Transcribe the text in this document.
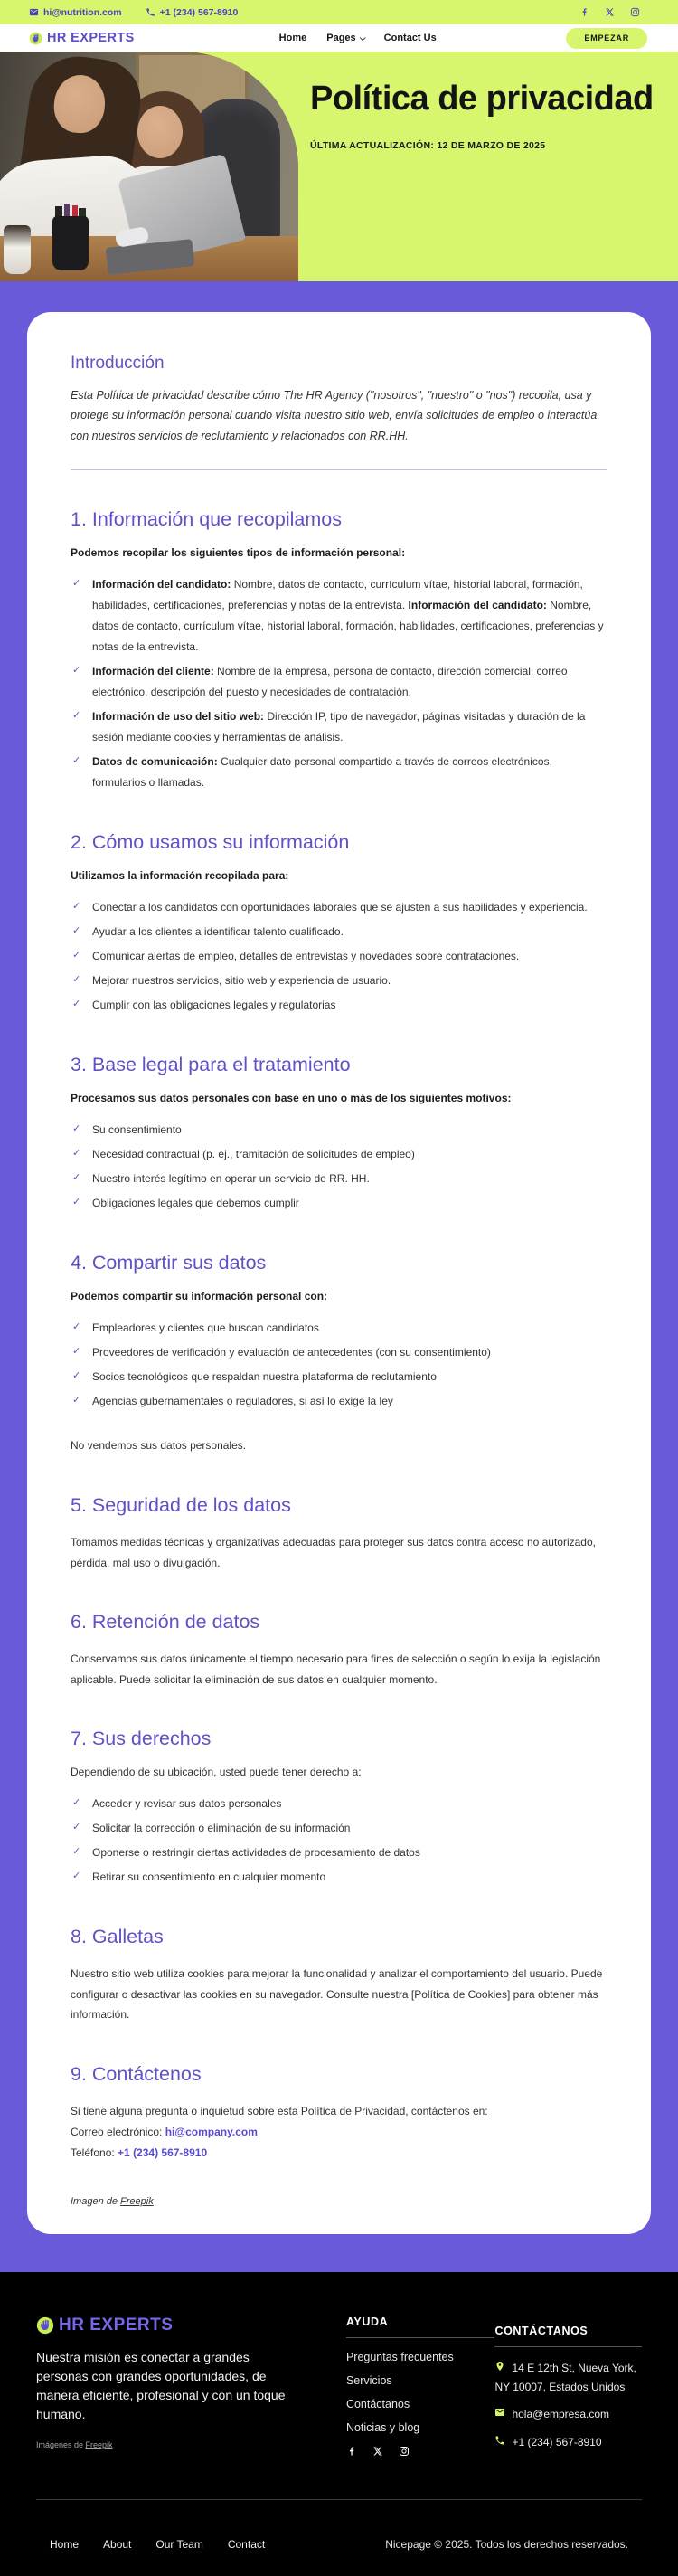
hi@nutrition.com	+1 (234) 567-8910
HR EXPERTS	Home Pages	Contact Us	EMPEZAR
Política de privacidad
ÚLTIMA ACTUALIZACIÓN: 12 DE MARZO DE 2025
Introducción

Esta Política de privacidad describe cómo The HR Agency ("nosotros", "nuestro" o "nos") recopila, usa y protege su información personal cuando visita nuestro sitio web, envía solicitudes de empleo o interactúa con nuestros servicios de reclutamiento y relacionados con RR.HH.

1. Información que recopilamos

Podemos recopilar los siguientes tipos de información personal:

✓ Información del candidato: Nombre, datos de contacto, currículum vítae, historial laboral, formación, habilidades, certificaciones, preferencias y notas de la entrevista. Información del candidato: Nombre, datos de contacto, currículum vítae, historial laboral, formación, habilidades, certificaciones, preferencias y notas de la entrevista.
✓ Información del cliente: Nombre de la empresa, persona de contacto, dirección comercial, correo electrónico, descripción del puesto y necesidades de contratación.
✓ Información de uso del sitio web: Dirección IP, tipo de navegador, páginas visitadas y duración de la sesión mediante cookies y herramientas de análisis.
✓ Datos de comunicación: Cualquier dato personal compartido a través de correos electrónicos, formularios o llamadas.
2. Cómo usamos su información

Utilizamos la información recopilada para:

✓ Conectar a los candidatos con oportunidades laborales que se ajusten a sus habilidades y experiencia.
✓ Ayudar a los clientes a identificar talento cualificado.
✓ Comunicar alertas de empleo, detalles de entrevistas y novedades sobre contrataciones.
✓ Mejorar nuestros servicios, sitio web y experiencia de usuario.
✓ Cumplir con las obligaciones legales y regulatorias
3. Base legal para el tratamiento

Procesamos sus datos personales con base en uno o más de los siguientes motivos:

✓ Su consentimiento
✓ Necesidad contractual (p. ej., tramitación de solicitudes de empleo)
✓ Nuestro interés legítimo en operar un servicio de RR. HH.
✓ Obligaciones legales que debemos cumplir
4. Compartir sus datos

Podemos compartir su información personal con:

✓ Empleadores y clientes que buscan candidatos
✓ Proveedores de verificación y evaluación de antecedentes (con su consentimiento)
✓ Socios tecnológicos que respaldan nuestra plataforma de reclutamiento
✓ Agencias gubernamentales o reguladores, si así lo exige la ley

No vendemos sus datos personales.

5. Seguridad de los datos

Tomamos medidas técnicas y organizativas adecuadas para proteger sus datos contra acceso no autorizado, pérdida, mal uso o divulgación.

6. Retención de datos

Conservamos sus datos únicamente el tiempo necesario para fines de selección o según lo exija la legislación aplicable. Puede solicitar la eliminación de sus datos en cualquier momento.

7. Sus derechos

Dependiendo de su ubicación, usted puede tener derecho a:

✓ Acceder y revisar sus datos personales
✓ Solicitar la corrección o eliminación de su información
✓ Oponerse o restringir ciertas actividades de procesamiento de datos
✓ Retirar su consentimiento en cualquier momento
8. Galletas

Nuestro sitio web utiliza cookies para mejorar la funcionalidad y analizar el comportamiento del usuario. Puede configurar o desactivar las cookies en su navegador. Consulte nuestra [Política de Cookies] para obtener más información.

9. Contáctenos

Si tiene alguna pregunta o inquietud sobre esta Política de Privacidad, contáctenos en:

Correo electrónico: hi@company.com

Teléfono: +1 (234) 567-8910

Imagen de Freepik

HR EXPERTS

Nuestra misión es conectar a grandes personas con grandes oportunidades, de manera eficiente, profesional y con un toque humano.

Imágenes de Freepik

AYUDA
Preguntas frecuentes
Servicios
Contáctanos
Noticias y blog
CONTÁCTANOS
14 E 12th St, Nueva York,
NY 10007, Estados Unidos
hola@empresa.com
+1 (234) 567-8910
Home About Our Team Contact	Nicepage © 2025. Todos los derechos reservados.
